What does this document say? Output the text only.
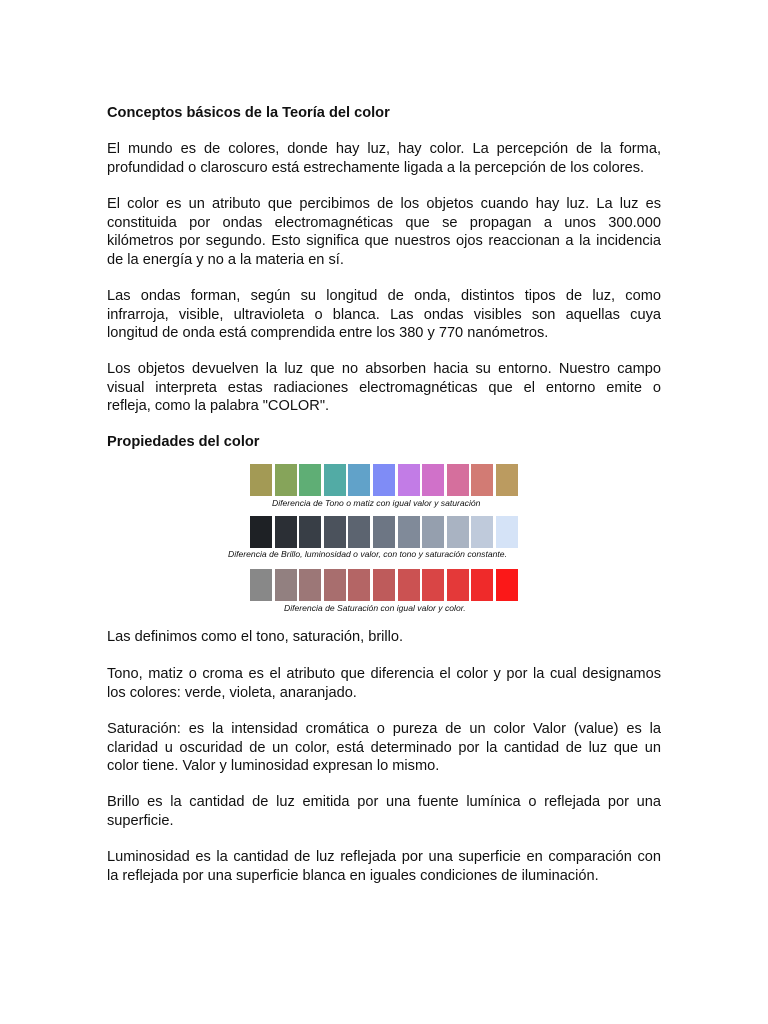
Conceptos básicos de la Teoría del color

El mundo es de colores, donde hay luz, hay color. La percepción de la forma,
profundidad o claroscuro está estrechamente ligada a la percepción de los colores.

El color es un atributo que percibimos de los objetos cuando hay luz. La luz es
constituida por ondas electromagnéticas que se propagan a unos 300.000
kilómetros por segundo. Esto significa que nuestros ojos reaccionan a la incidencia
de la energía y no a la materia en sí.

Las ondas forman, según su longitud de onda, distintos tipos de luz, como
infrarroja, visible, ultravioleta o blanca. Las ondas visibles son aquellas cuya
longitud de onda está comprendida entre los 380 y 770 nanómetros.

Los objetos devuelven la luz que no absorben hacia su entorno. Nuestro campo
visual interpreta estas radiaciones electromagnéticas que el entorno emite o
refleja, como la palabra "COLOR".

Propiedades del color
Diferencia de Tono o matiz con igual valor y saturación
Diferencia de Brillo, luminosidad o valor, con tono y saturación constante.
Diferencia de Saturación con igual valor y color.

Las definimos como el tono, saturación, brillo.

Tono, matiz o croma es el atributo que diferencia el color y por la cual designamos
los colores: verde, violeta, anaranjado.

Saturación: es la intensidad cromática o pureza de un color Valor (value) es la
claridad u oscuridad de un color, está determinado por la cantidad de luz que un
color tiene. Valor y luminosidad expresan lo mismo.

Brillo es la cantidad de luz emitida por una fuente lumínica o reflejada por una
superficie.

Luminosidad es la cantidad de luz reflejada por una superficie en comparación con
la reflejada por una superficie blanca en iguales condiciones de iluminación.
